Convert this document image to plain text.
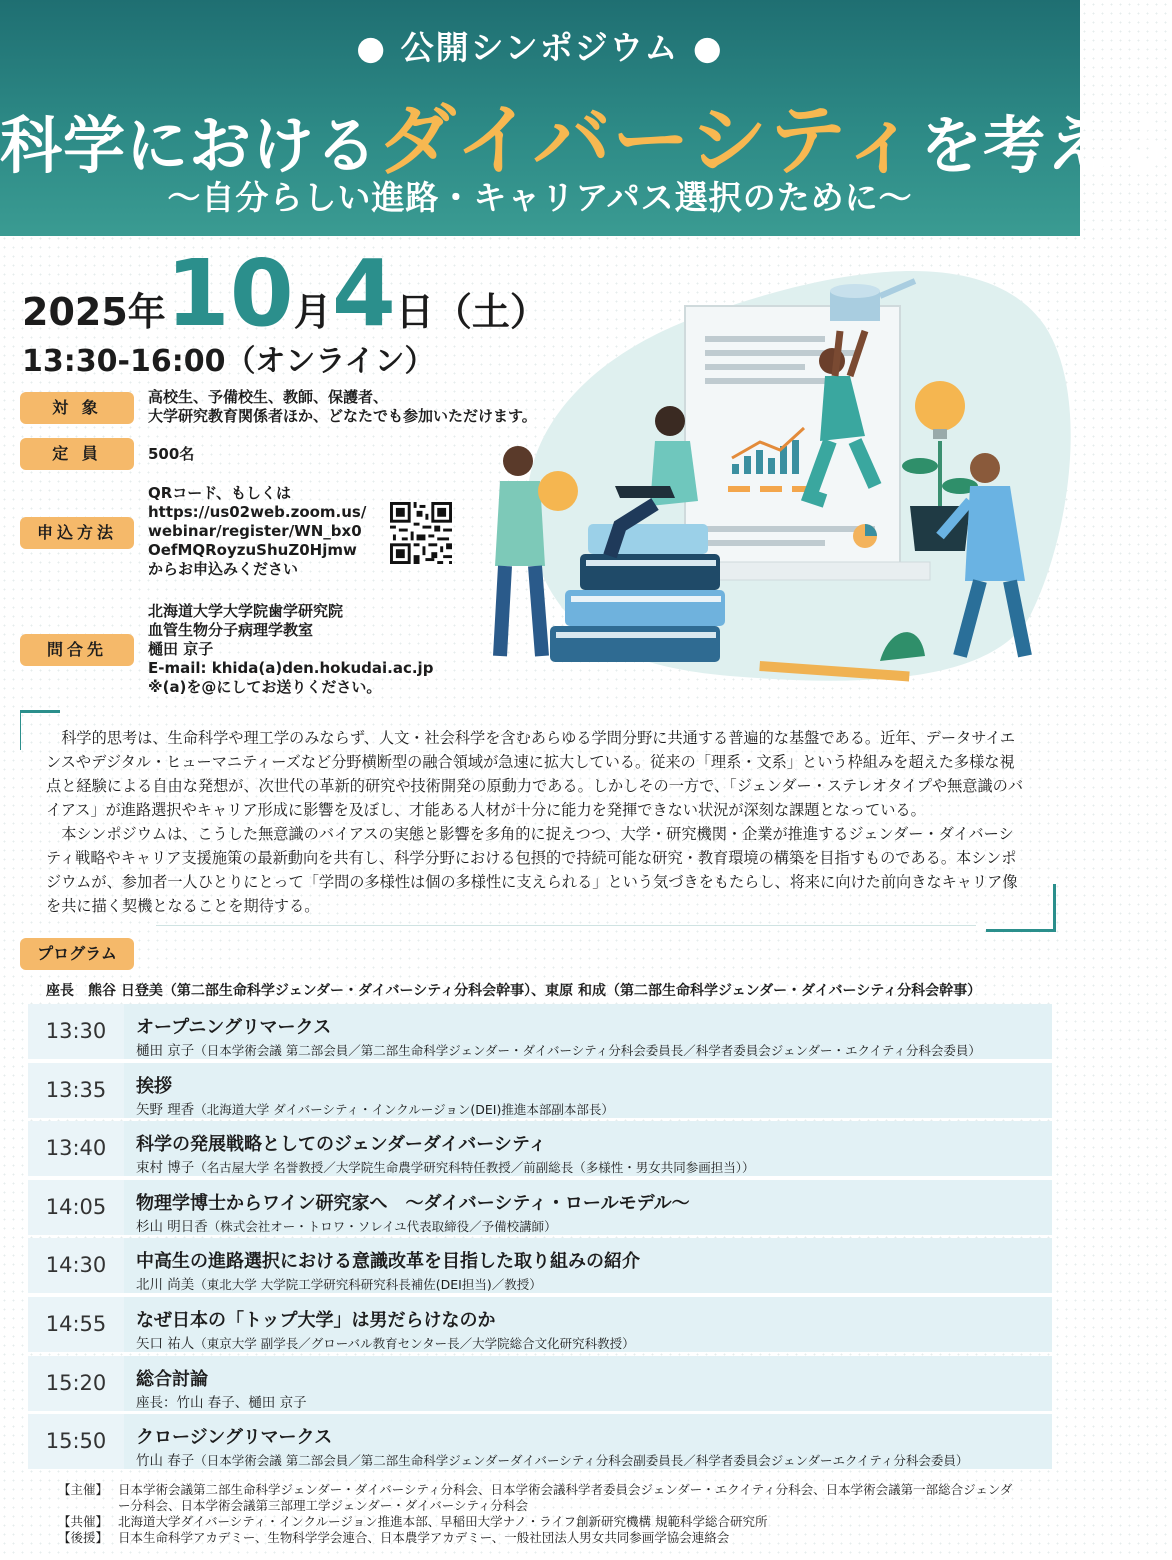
● 公開シンポジウム ●
科学におけるダイバーシティを考える
〜自分らしい進路・キャリアパス選択のために〜
2025年10月4日（土）
13:30-16:00（オンライン）
対 象
高校生、予備校生、教師、保護者、
大学研究教育関係者ほか、どなたでも参加いただけます。
定 員	500名
申込方法
QRコード、もしくは
https://us02web.zoom.us/
webinar/register/WN_bx0
OefMQRoyzuShuZ0Hjmw
からお申込みください
問合先
北海道大学大学院歯学研究院
血管生物分子病理学教室
樋田 京子
E-mail: khida(a)den.hokudai.ac.jp
※(a)を@にしてお送りください。

科学的思考は、生命科学や理工学のみならず、人文・社会科学を含むあらゆる学問分野に共通する普遍的な基盤である。近年、データサイエンスやデジタル・ヒューマニティーズなど分野横断型の融合領域が急速に拡大している。従来の「理系・文系」という枠組みを超えた多様な視点と経験による自由な発想が、次世代の革新的研究や技術開発の原動力である。しかしその一方で、「ジェンダー・ステレオタイプや無意識のバイアス」が進路選択やキャリア形成に影響を及ぼし、才能ある人材が十分に能力を発揮できない状況が深刻な課題となっている。

本シンポジウムは、こうした無意識のバイアスの実態と影響を多角的に捉えつつ、大学・研究機関・企業が推進するジェンダー・ダイバーシティ戦略やキャリア支援施策の最新動向を共有し、科学分野における包摂的で持続可能な研究・教育環境の構築を目指すものである。本シンポジウムが、参加者一人ひとりにとって「学問の多様性は個の多様性に支えられる」という気づきをもたらし、将来に向けた前向きなキャリア像を共に描く契機となることを期待する。

プログラム
座長　熊谷 日登美（第二部生命科学ジェンダー・ダイバーシティ分科会幹事）、東原 和成（第二部生命科学ジェンダー・ダイバーシティ分科会幹事）
13:30	オープニングリマークス
樋田 京子（日本学術会議 第二部会員／第二部生命科学ジェンダー・ダイバーシティ分科会委員長／科学者委員会ジェンダー・エクイティ分科会委員）
13:35	挨拶
矢野 理香（北海道大学 ダイバーシティ・インクルージョン(DEI)推進本部副本部長）
13:40	科学の発展戦略としてのジェンダーダイバーシティ
束村 博子（名古屋大学 名誉教授／大学院生命農学研究科特任教授／前副総長（多様性・男女共同参画担当））
14:05	物理学博士からワイン研究家へ　〜ダイバーシティ・ロールモデル〜
杉山 明日香（株式会社オー・トロワ・ソレイユ代表取締役／予備校講師）
14:30	中高生の進路選択における意識改革を目指した取り組みの紹介
北川 尚美（東北大学 大学院工学研究科研究科長補佐(DEI担当)／教授）
14:55	なぜ日本の「トップ大学」は男だらけなのか
矢口 祐人（東京大学 副学長／グローバル教育センター長／大学院総合文化研究科教授）
15:20	総合討論
座長：竹山 春子、樋田 京子
15:50	クロージングリマークス
竹山 春子（日本学術会議 第二部会員／第二部生命科学ジェンダーダイバーシティ分科会副委員長／科学者委員会ジェンダーエクイティ分科会委員）
【主催】 日本学術会議第二部生命科学ジェンダー・ダイバーシティ分科会、日本学術会議科学者委員会ジェンダー・エクイティ分科会、日本学術会議第一部総合ジェンダー分科会、日本学術会議第三部理工学ジェンダー・ダイバーシティ分科会
【共催】 北海道大学ダイバーシティ・インクルージョン推進本部、早稲田大学ナノ・ライフ創新研究機構 規範科学総合研究所
【後援】 日本生命科学アカデミー、生物科学学会連合、日本農学アカデミー、一般社団法人男女共同参画学協会連絡会
